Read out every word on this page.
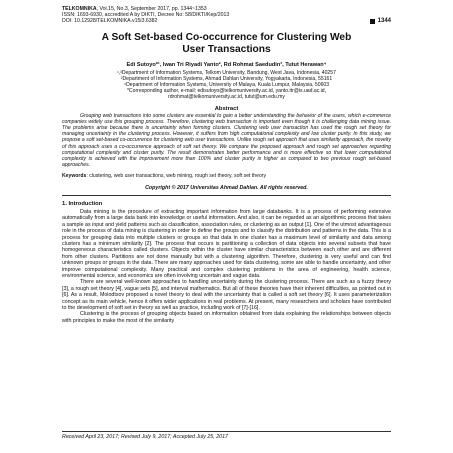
TELKOMNIKA, Vol.15, No.3, September 2017, pp. 1344~1353
ISSN: 1693-6930, accredited A by DIKTI, Decree No: 58/DIKTI/Kep/2013
DOI: 10.12928/TELKOMNIKA.v15i3.6382	1344
A Soft Set-based Co-occurrence for Clustering Web
User Transactions
Edi Sutoyo*¹, Iwan Tri Riyadi Yanto², Rd Rohmat Saedudin³, Tutut Herawan⁴
¹,³Department of Information Systems, Telkom University, Bandung, West Java, Indonesia, 40257
²Department of Information Systems, Ahmad Dahlan University, Yogyakarta, Indonesia, 55161
⁴Department of Information Systems, University of Malaya, Kuala Lumpur, Malaysia, 50603
*Corresponding author, e-mail: edisutoyo@telkomuniversity.ac.id, yanto.itr@is.uad.ac.id,
rdrohmat@telkomuniversity.ac.id, tutut@um.edu.my
Abstract
Grouping web transactions into some clusters are essential to gain a better understanding the behavior of the users, which e-commerce companies widely use this grouping process. Therefore, clustering web transaction is important even though it is challenging data mining issue. The problems arise because there is uncertainty when forming clusters. Clustering web user transaction has used the rough set theory for managing uncertainty in the clustering process. However, it suffers from high computational complexity and low cluster purity. In this study, we propose a soft set-based co-occurrence for clustering web user transactions. Unlike rough set approach that uses similarity approach, the novelty of this approach uses a co-occurrence approach of soft set theory. We compare the proposed approach and rough set approaches regarding computational complexity and cluster purity. The result demonstrates better performance and is more effective so that lower computational complexity is achieved with the improvement more than 100% and cluster purity is higher as compared to two previous rough set-based approaches.
Keywords: clustering, web user transactions, web mining, rough set theory, soft set theory
Copyright © 2017 Universitas Ahmad Dahlan. All rights reserved.
1. Introduction

Data mining is the procedure of extracting important information from large databanks. It is a process of performing extensive automatically from a large data bank into knowledge or useful information. And also, it can be regarded as an algorithmic process that takes a sample as input and yield patterns such as classification, association rules, or clustering as an output [1]. One of the utmost advantageous role in the process of data mining is clustering in order to define the groups and to classify the distribution and patterns in the data. This is a process for grouping data into multiple clusters or groups so that data in one cluster has a maximum level of similarity and data among clusters has a minimum similarity [2]. The process that occurs is partitioning a collection of data objects into several subsets that have homogeneous characteristics called clusters. Objects within the cluster have similar characteristics between each other and are different from other clusters. Partitions are not done manually but with a clustering algorithm. Therefore, clustering is very useful and can find unknown groups or groups in the data. There are many approaches used for data clustering, some are able to handle uncertainty, and other improve computational complexity. Many practical and complex clustering problems in the area of engineering, health science, environmental science, and economics are often involving uncertain and vague data.

There are several well-known approaches to handling uncertainty during the clustering process. There are such as a fuzzy theory [3], a rough set theory [4], vague sets [5], and interval mathematics. But all of these theories have their inherent difficulties, as pointed out in [6]. As a result, Molodtsov proposed a novel theory to deal with the uncertainty that is called a soft set theory [6]. It uses parameterization concept as its main vehicle, hence it offers wider applications in real problems. At present, many researchers and scholars have contributed to the development of soft set in theory as well as practice, including work of [7]-[16].

Clustering is the process of grouping objects based on information obtained from data explaining the relationships between objects with principles to make the most of the similarity

Received April 23, 2017; Revised July 9, 2017; Accepted July 25, 2017
